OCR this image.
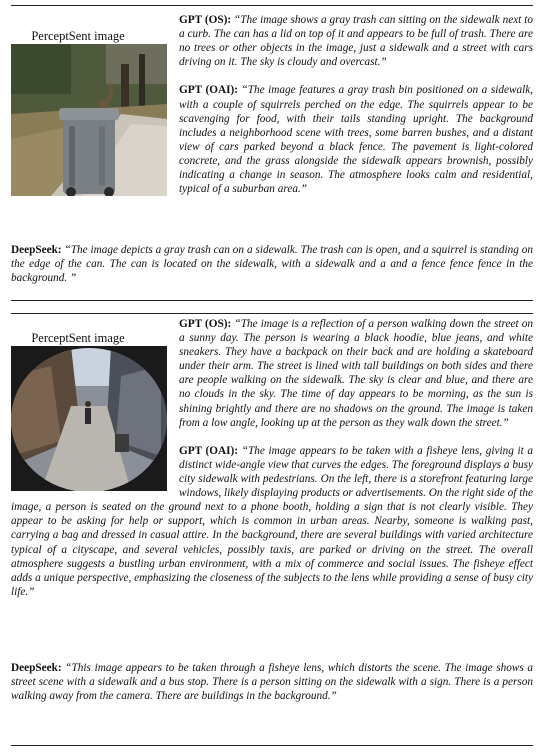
PerceptSent image

GPT (OS): “The image shows a gray trash can sitting on the sidewalk next to a curb. The can has a lid on top of it and appears to be full of trash. There are no trees or other objects in the image, just a sidewalk and a street with cars driving on it. The sky is cloudy and overcast.”

GPT (OAI): “The image features a gray trash bin positioned on a sidewalk, with a couple of squirrels perched on the edge. The squirrels appear to be scavenging for food, with their tails standing upright. The background includes a neighborhood scene with trees, some barren bushes, and a distant view of cars parked beyond a black fence. The pavement is light-colored concrete, and the grass alongside the sidewalk appears brownish, possibly indicating a change in season. The atmosphere looks calm and residential, typical of a suburban area.”

DeepSeek: “The image depicts a gray trash can on a sidewalk. The trash can is open, and a squirrel is standing on the edge of the can. The can is located on the sidewalk, with a sidewalk and a and a fence fence fence in the background. ”

PerceptSent image

GPT (OS): “The image is a reflection of a person walking down the street on a sunny day. The person is wearing a black hoodie, blue jeans, and white sneakers. They have a backpack on their back and are holding a skateboard under their arm. The street is lined with tall buildings on both sides and there are people walking on the sidewalk. The sky is clear and blue, and there are no clouds in the sky. The time of day appears to be morning, as the sun is shining brightly and there are no shadows on the ground. The image is taken from a low angle, looking up at the person as they walk down the street.”

GPT (OAI): “The image appears to be taken with a fisheye lens, giving it a distinct wide-angle view that curves the edges. The foreground displays a busy city sidewalk with pedestrians. On the left, there is a storefront featuring large windows, likely displaying products or advertisements. On the right side of the image, a person is seated on the ground next to a phone booth, holding a sign that is not clearly visible. They appear to be asking for help or support, which is common in urban areas. Nearby, someone is walking past, carrying a bag and dressed in casual attire. In the background, there are several buildings with varied architecture typical of a cityscape, and several vehicles, possibly taxis, are parked or driving on the street. The overall atmosphere suggests a bustling urban environment, with a mix of commerce and social issues. The fisheye effect adds a unique perspective, emphasizing the closeness of the subjects to the lens while providing a sense of busy city life.”

DeepSeek: “This image appears to be taken through a fisheye lens, which distorts the scene. The image shows a street scene with a sidewalk and a bus stop. There is a person sitting on the sidewalk with a sign. There is a person walking away from the camera. There are buildings in the background.”
